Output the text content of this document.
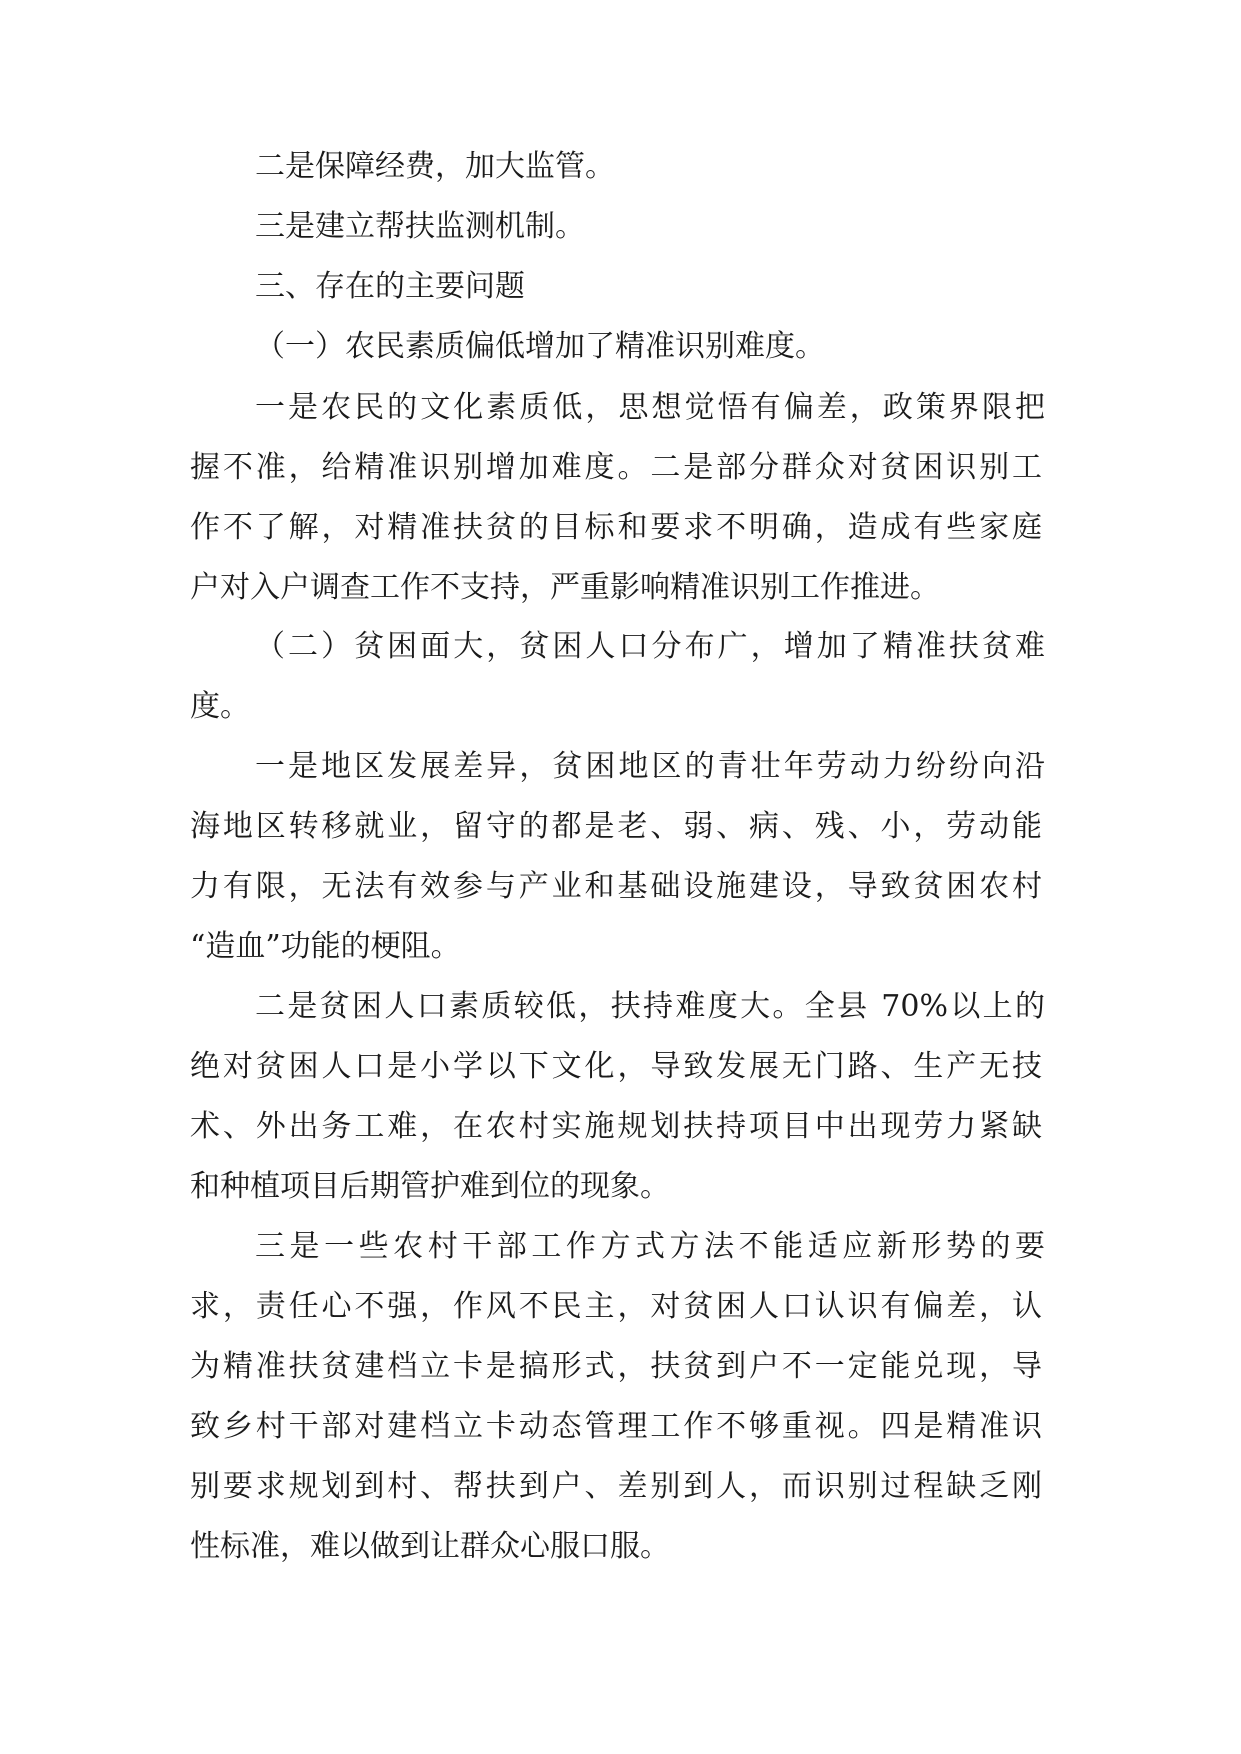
二是保障经费，加大监管。
三是建立帮扶监测机制。
三、存在的主要问题
（一）农民素质偏低增加了精准识别难度。
一是农民的文化素质低，思想觉悟有偏差，政策界限把
握不准，给精准识别增加难度。二是部分群众对贫困识别工
作不了解，对精准扶贫的目标和要求不明确，造成有些家庭
户对入户调查工作不支持，严重影响精准识别工作推进。
（二）贫困面大，贫困人口分布广，增加了精准扶贫难
度。
一是地区发展差异，贫困地区的青壮年劳动力纷纷向沿
海地区转移就业，留守的都是老、弱、病、残、小，劳动能
力有限，无法有效参与产业和基础设施建设，导致贫困农村
“造血”功能的梗阻。
二是贫困人口素质较低，扶持难度大。全县 70%以上的
绝对贫困人口是小学以下文化，导致发展无门路、生产无技
术、外出务工难，在农村实施规划扶持项目中出现劳力紧缺
和种植项目后期管护难到位的现象。
三是一些农村干部工作方式方法不能适应新形势的要
求，责任心不强，作风不民主，对贫困人口认识有偏差，认
为精准扶贫建档立卡是搞形式，扶贫到户不一定能兑现，导
致乡村干部对建档立卡动态管理工作不够重视。四是精准识
别要求规划到村、帮扶到户、差别到人，而识别过程缺乏刚
性标准，难以做到让群众心服口服。
